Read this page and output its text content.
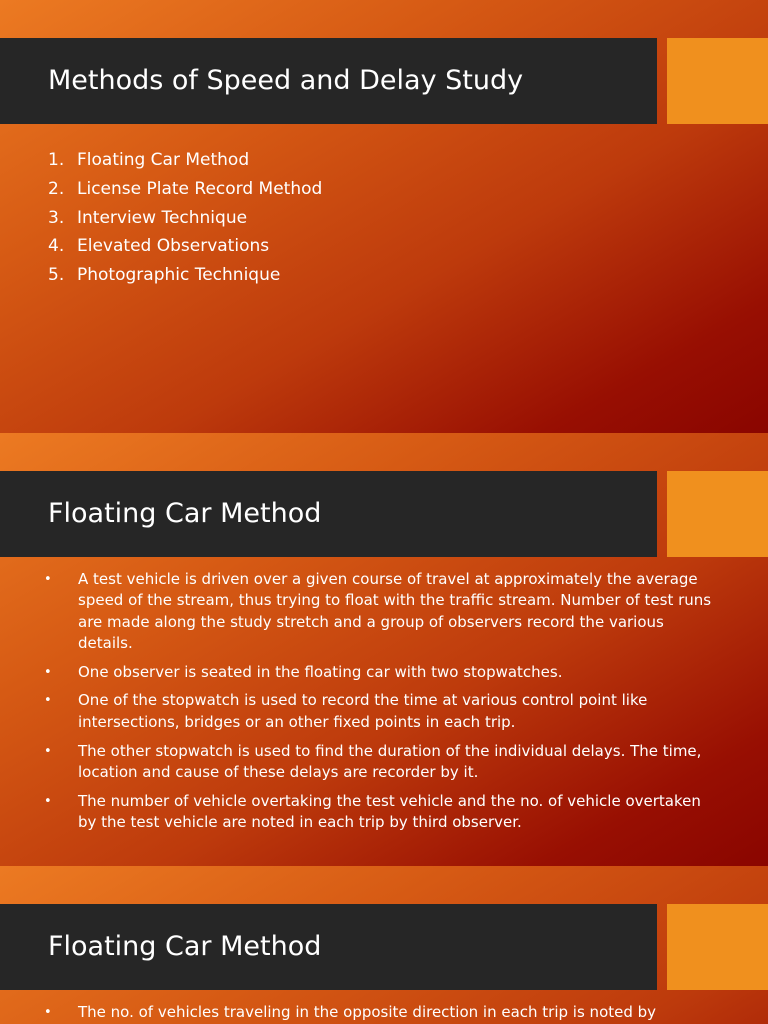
Methods of Speed and Delay Study
1. Floating Car Method
2. License Plate Record Method
3. Interview Technique
4. Elevated Observations
5. Photographic Technique
Floating Car Method
•	A test vehicle is driven over a given course of travel at approximately the average speed of the stream, thus trying to float with the traffic stream. Number of test runs are made along the study stretch and a group of observers record the various details.
•	One observer is seated in the floating car with two stopwatches.
•	One of the stopwatch is used to record the time at various control point like intersections, bridges or an other fixed points in each trip.
•	The other stopwatch is used to find the duration of the individual delays. The time, location and cause of these delays are recorder by it.
•	The number of vehicle overtaking the test vehicle and the no. of vehicle overtaken by the test vehicle are noted in each trip by third observer.
Floating Car Method
•	The no. of vehicles traveling in the opposite direction in each trip is noted by
